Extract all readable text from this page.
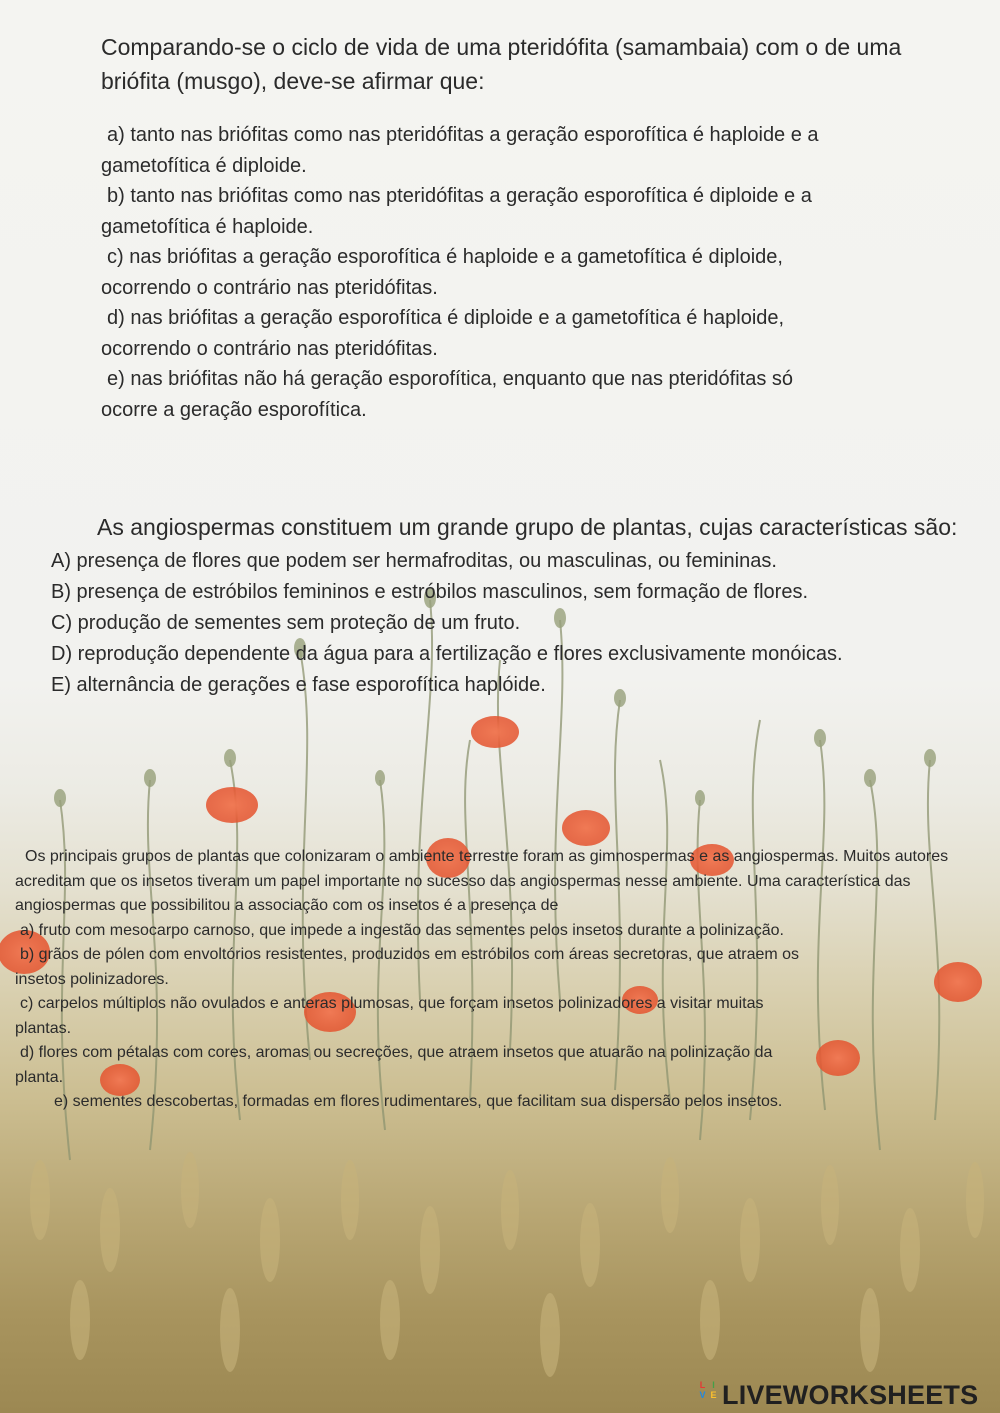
Comparando-se o ciclo de vida de uma pteridófita (samambaia) com o de uma briófita (musgo), deve-se afirmar que:

a) tanto nas briófitas como nas pteridófitas a geração esporofítica é haploide e a
gametofítica é diploide.

b) tanto nas briófitas como nas pteridófitas a geração esporofítica é diploide e a
gametofítica é haploide.

c) nas briófitas a geração esporofítica é haploide e a gametofítica é diploide,
ocorrendo o contrário nas pteridófitas.

d) nas briófitas a geração esporofítica é diploide e a gametofítica é haploide,
ocorrendo o contrário nas pteridófitas.

e) nas briófitas não há geração esporofítica, enquanto que nas pteridófitas só
ocorre a geração esporofítica.

As angiospermas constituem um grande grupo de plantas, cujas características são:

A) presença de flores que podem ser hermafroditas, ou masculinas, ou femininas.

B) presença de estróbilos femininos e estróbilos masculinos, sem formação de flores.

C) produção de sementes sem proteção de um fruto.

D) reprodução dependente da água para a fertilização e flores exclusivamente monóicas.

E) alternância de gerações e fase esporofítica haplóide.

Os principais grupos de plantas que colonizaram o ambiente terrestre foram as gimnospermas e as angiospermas. Muitos autores acreditam que os insetos tiveram um papel importante no sucesso das angiospermas nesse ambiente. Uma característica das angiospermas que possibilitou a associação com os insetos é a presença de

a) fruto com mesocarpo carnoso, que impede a ingestão das sementes pelos insetos durante a polinização.

b) grãos de pólen com envoltórios resistentes, produzidos em estróbilos com áreas secretoras, que atraem os
insetos polinizadores.

c) carpelos múltiplos não ovulados e anteras plumosas, que forçam insetos polinizadores a visitar muitas
plantas.

d) flores com pétalas com cores, aromas ou secreções, que atraem insetos que atuarão na polinização da
planta.

e) sementes descobertas, formadas em flores rudimentares, que facilitam sua dispersão pelos insetos.

L I
V E LIVEWORKSHEETS
